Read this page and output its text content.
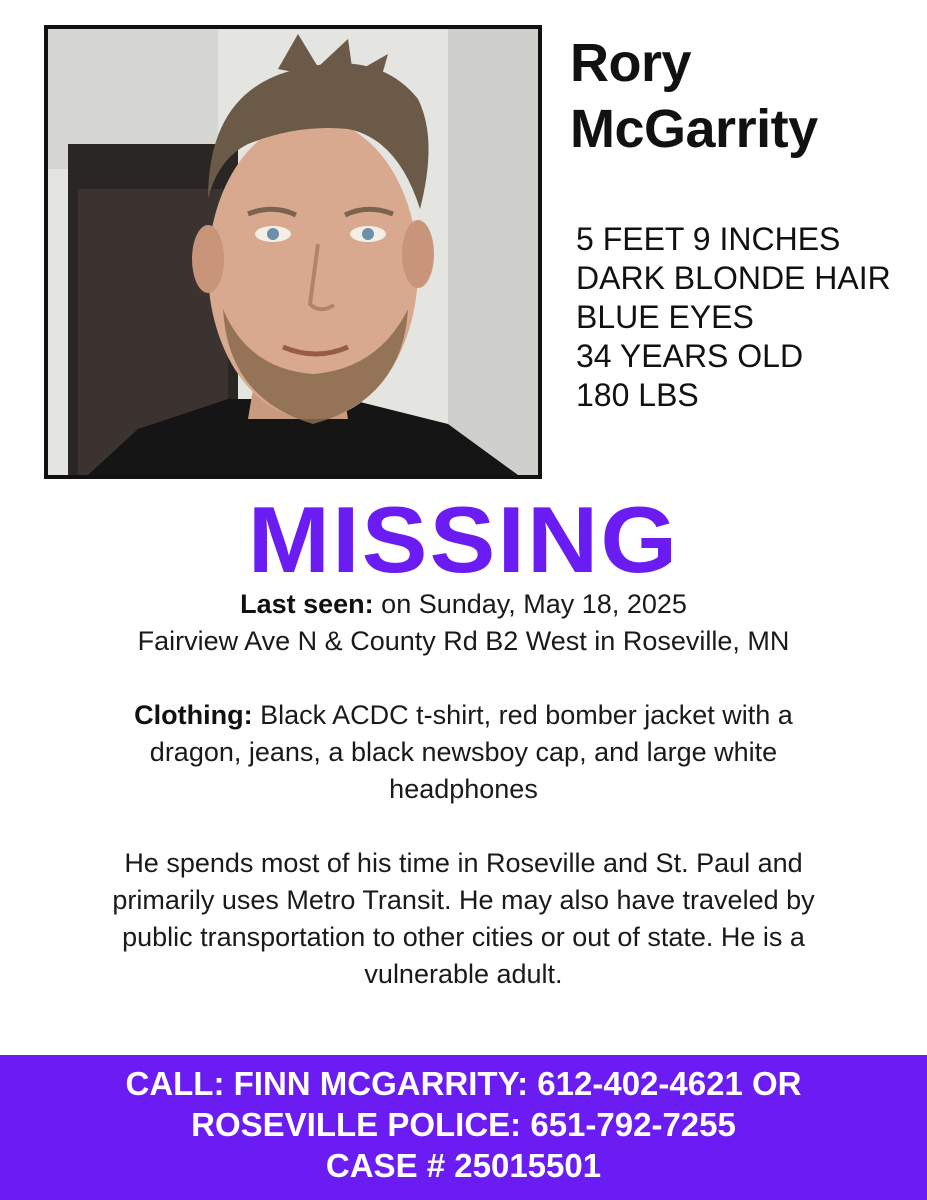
Rory
McGarrity
5 FEET 9 INCHES
DARK BLONDE HAIR
BLUE EYES
34 YEARS OLD
180 LBS
MISSING

Last seen: on Sunday, May 18, 2025

Fairview Ave N & County Rd B2 West in Roseville, MN

Clothing: Black ACDC t-shirt, red bomber jacket with a

dragon, jeans, a black newsboy cap, and large white

headphones

He spends most of his time in Roseville and St. Paul and

primarily uses Metro Transit. He may also have traveled by

public transportation to other cities or out of state. He is a

vulnerable adult.

CALL: FINN MCGARRITY: 612-402-4621 OR
ROSEVILLE POLICE: 651-792-7255
CASE # 25015501
